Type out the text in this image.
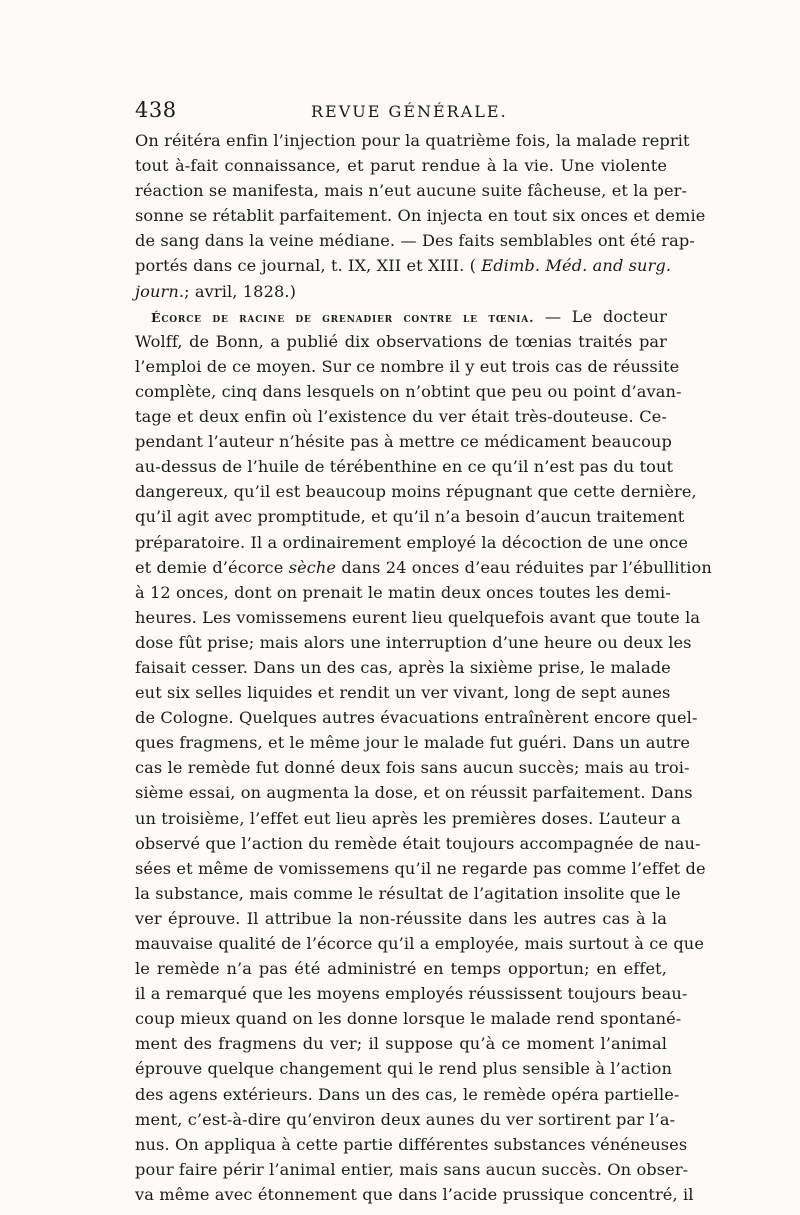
438	REVUE GÉNÉRALE.
On réitéra enfin l’injection pour la quatrième fois, la malade reprit
tout à-fait connaissance, et parut rendue à la vie. Une violente
réaction se manifesta, mais n’eut aucune suite fâcheuse, et la per-
sonne se rétablit parfaitement. On injecta en tout six onces et demie
de sang dans la veine médiane. — Des faits semblables ont été rap-
portés dans ce journal, t. IX, XII et XIII. ( Edimb. Méd. and surg.
journ.; avril, 1828.)
Écorce de racine de grenadier contre le tœnia. — Le docteur
Wolff, de Bonn, a publié dix observations de tœnias traités par
l’emploi de ce moyen. Sur ce nombre il y eut trois cas de réussite
complète, cinq dans lesquels on n’obtint que peu ou point d’avan-
tage et deux enfin où l’existence du ver était très-douteuse. Ce-
pendant l’auteur n’hésite pas à mettre ce médicament beaucoup
au-dessus de l’huile de térébenthine en ce qu’il n’est pas du tout
dangereux, qu’il est beaucoup moins répugnant que cette dernière,
qu’il agit avec promptitude, et qu’il n’a besoin d’aucun traitement
préparatoire. Il a ordinairement employé la décoction de une once
et demie d’écorce sèche dans 24 onces d’eau réduites par l’ébullition
à 12 onces, dont on prenait le matin deux onces toutes les demi-
heures. Les vomissemens eurent lieu quelquefois avant que toute la
dose fût prise; mais alors une interruption d’une heure ou deux les
faisait cesser. Dans un des cas, après la sixième prise, le malade
eut six selles liquides et rendit un ver vivant, long de sept aunes
de Cologne. Quelques autres évacuations entraînèrent encore quel-
ques fragmens, et le même jour le malade fut guéri. Dans un autre
cas le remède fut donné deux fois sans aucun succès; mais au troi-
sième essai, on augmenta la dose, et on réussit parfaitement. Dans
un troisième, l’effet eut lieu après les premières doses. L’auteur a
observé que l’action du remède était toujours accompagnée de nau-
sées et même de vomissemens qu’il ne regarde pas comme l’effet de
la substance, mais comme le résultat de l’agitation insolite que le
ver éprouve. Il attribue la non-réussite dans les autres cas à la
mauvaise qualité de l’écorce qu’il a employée, mais surtout à ce que
le remède n’a pas été administré en temps opportun; en effet,
il a remarqué que les moyens employés réussissent toujours beau-
coup mieux quand on les donne lorsque le malade rend spontané-
ment des fragmens du ver; il suppose qu’à ce moment l’animal
éprouve quelque changement qui le rend plus sensible à l’action
des agens extérieurs. Dans un des cas, le remède opéra partielle-
ment, c’est-à-dire qu’environ deux aunes du ver sortirent par l’a-
nus. On appliqua à cette partie différentes substances vénéneuses
pour faire périr l’animal entier, mais sans aucun succès. On obser-
va même avec étonnement que dans l’acide prussique concentré, il
